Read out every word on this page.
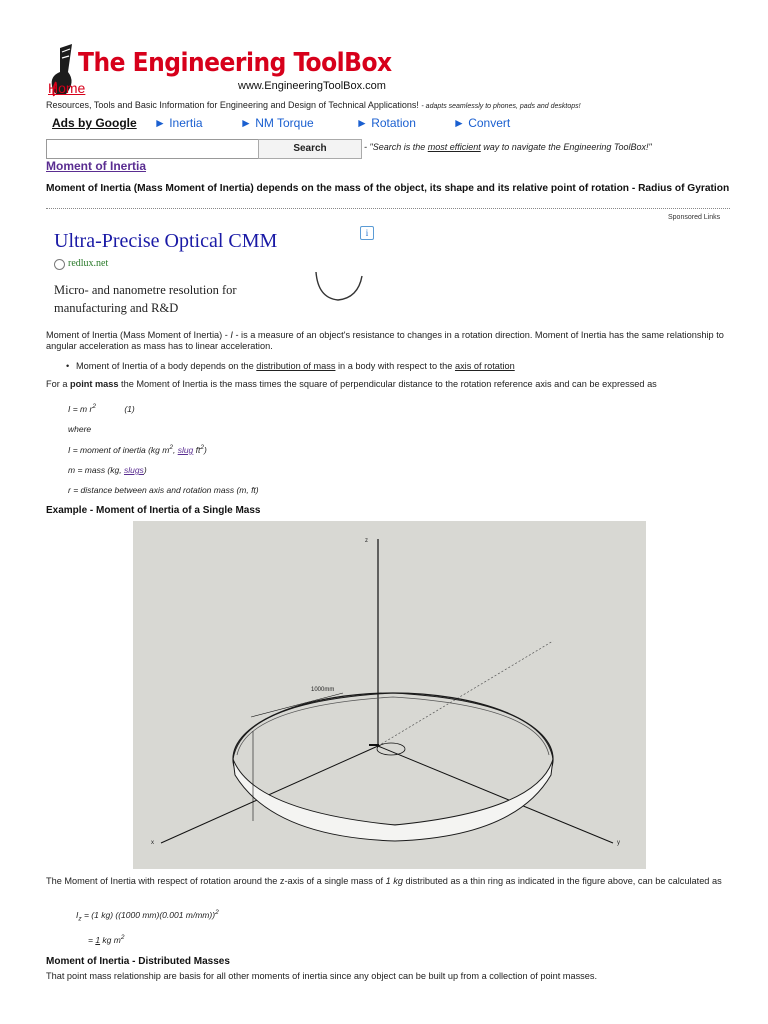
The Engineering ToolBox
Home	www.EngineeringToolBox.com
Resources, Tools and Basic Information for Engineering and Design of Technical Applications! - adapts seamlessly to phones, pads and desktops!
Ads by Google ► Inertia	► NM Torque	► Rotation	► Convert
Search	- "Search is the most efficient way to navigate the Engineering ToolBox!"
Moment of Inertia
Moment of Inertia (Mass Moment of Inertia) depends on the mass of the object, its shape and its relative point of rotation - Radius of Gyration
Sponsored Links
Ultra-Precise Optical CMM	i
redlux.net
Micro- and nanometre resolution for manufacturing and R&D
Moment of Inertia (Mass Moment of Inertia) - I - is a measure of an object's resistance to changes in a rotation direction. Moment of Inertia has the same relationship to angular acceleration as mass has to linear acceleration.
• Moment of Inertia of a body depends on the distribution of mass in a body with respect to the axis of rotation
For a point mass the Moment of Inertia is the mass times the square of perpendicular distance to the rotation reference axis and can be expressed as
I = m $r^2$	(1)
where
I = moment of inertia (kg $m^2$, slug $ft^2$)
m = mass (kg, slugs)
r = distance between axis and rotation mass (m, ft)
Example - Moment of Inertia of a Single Mass
1000mm
z
x	y
The Moment of Inertia with respect of rotation around the z-axis of a single mass of 1 kg distributed as a thin ring as indicated in the figure above, can be calculated as
$I_z = (1$ kg) ((1000 mm)(0.001 m/mm))$^2$
= 1 kg $m^2$
Moment of Inertia - Distributed Masses
That point mass relationship are basis for all other moments of inertia since any object can be built up from a collection of point masses.
